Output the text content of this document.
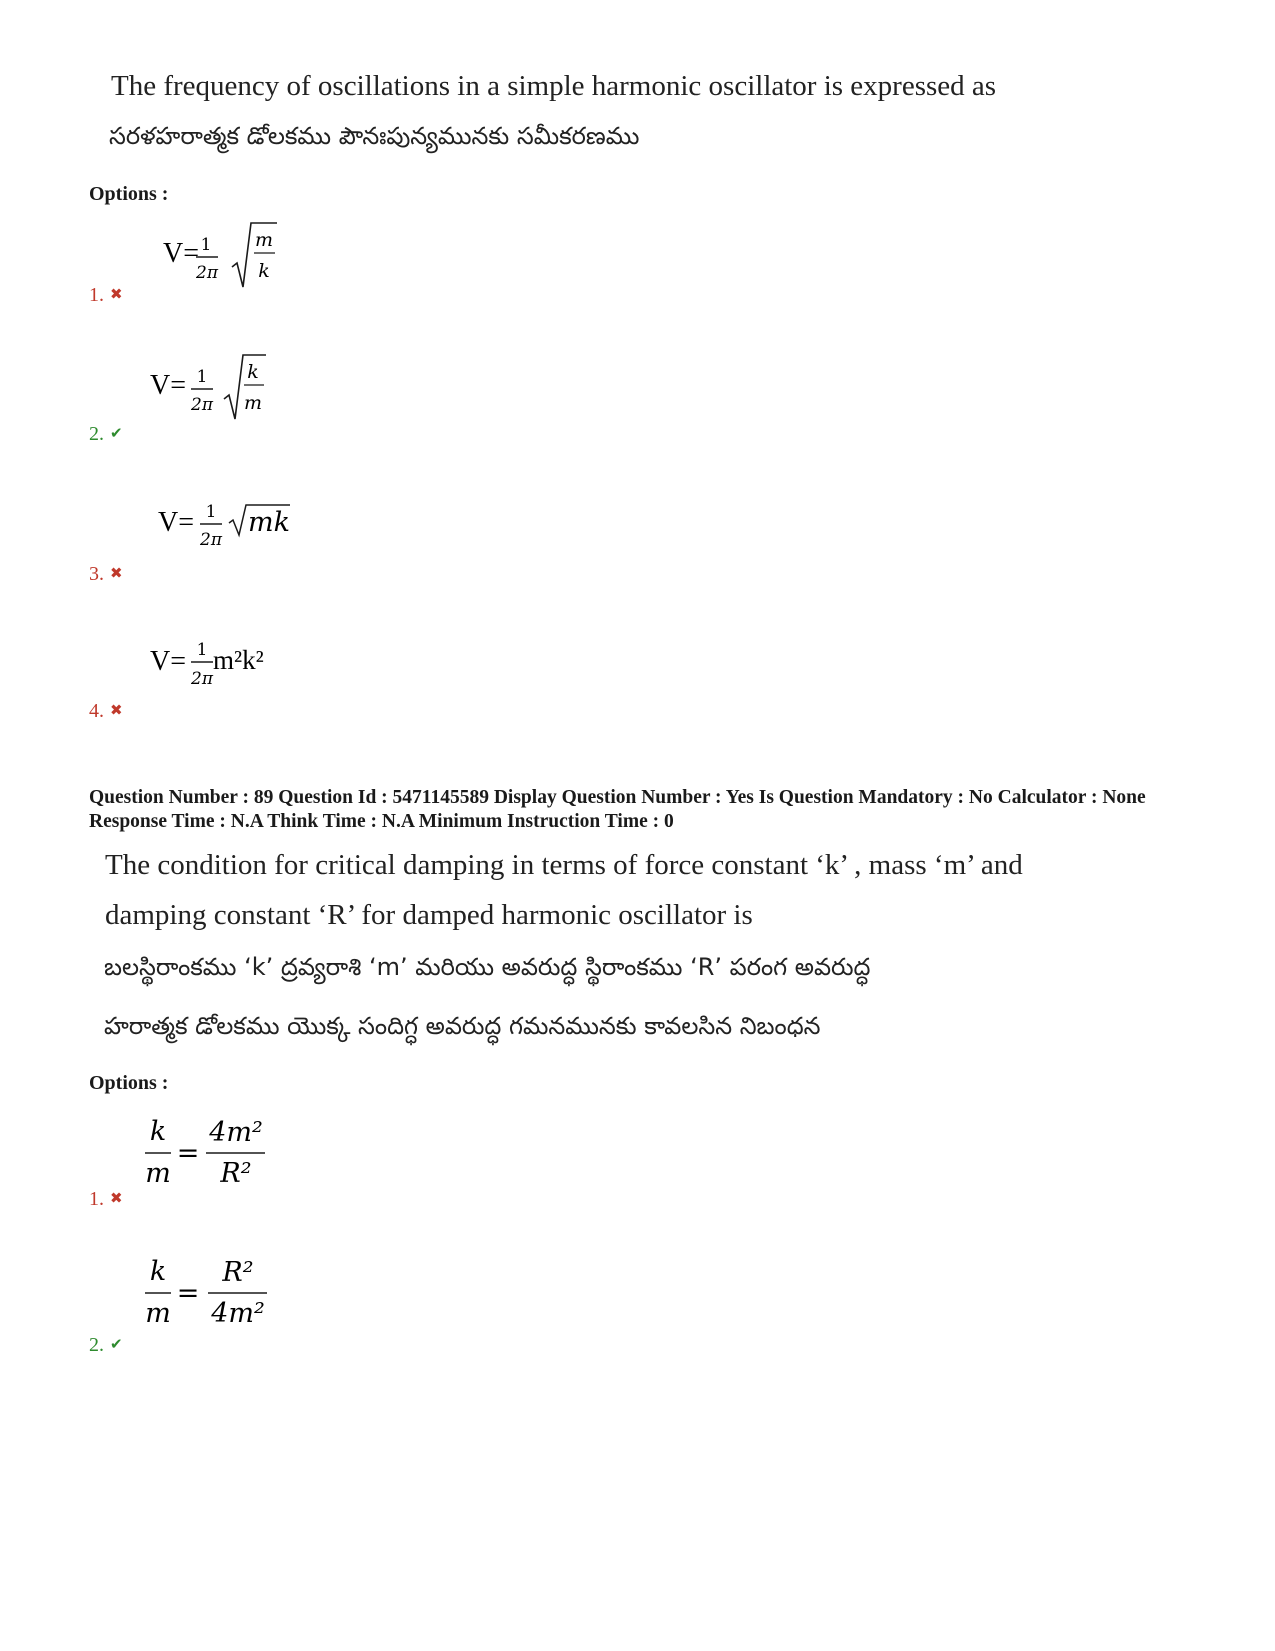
The frequency of oscillations in a simple harmonic oscillator is expressed as
సరళహరాత్మక డోలకము పౌనఃపున్యమునకు సమీకరణము
Options :
V= 1
2π
m
k
1. ✖
V= 1
2π
k
m
2. ✔
V= 1
2π
mk
3. ✖
V= 1
2π
m²k²
4. ✖
Question Number : 89 Question Id : 5471145589 Display Question Number : Yes Is Question Mandatory : No Calculator : None Response Time : N.A Think Time : N.A Minimum Instruction Time : 0
The condition for critical damping in terms of force constant ‘k’ , mass ‘m’ and
damping constant ‘R’ for damped harmonic oscillator is
బలస్థిరాంకము ‘k’ ద్రవ్యరాశి ‘m’ మరియు అవరుద్ధ స్థిరాంకము ‘R’ పరంగ అవరుద్ధ
హరాత్మక డోలకము యొక్క సందిగ్ధ అవరుద్ధ గమనమునకు కావలసిన నిబంధన
Options :
k
m
=
4m²
R²
1. ✖
k
m
=
R²
4m²
2. ✔
